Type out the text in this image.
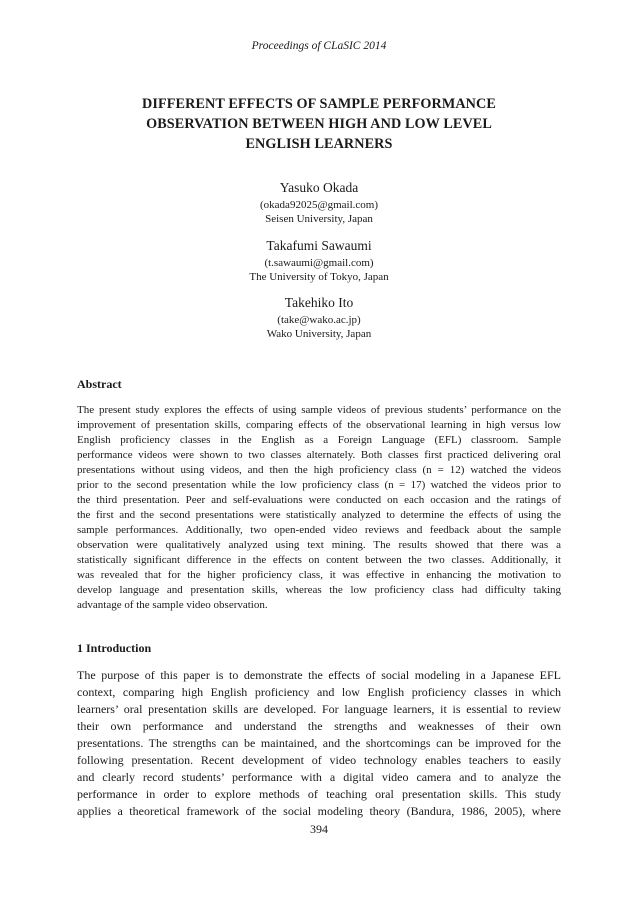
Proceedings of CLaSIC 2014
DIFFERENT EFFECTS OF SAMPLE PERFORMANCE
OBSERVATION BETWEEN HIGH AND LOW LEVEL
ENGLISH LEARNERS
Yasuko Okada
(okada92025@gmail.com)
Seisen University, Japan
Takafumi Sawaumi
(t.sawaumi@gmail.com)
The University of Tokyo, Japan
Takehiko Ito
(take@wako.ac.jp)
Wako University, Japan
Abstract
The present study explores the effects of using sample videos of previous students’ performance on the
improvement of presentation skills, comparing effects of the observational learning in high versus low
English proficiency classes in the English as a Foreign Language (EFL) classroom. Sample
performance videos were shown to two classes alternately. Both classes first practiced delivering oral
presentations without using videos, and then the high proficiency class (n = 12) watched the videos
prior to the second presentation while the low proficiency class (n = 17) watched the videos prior to
the third presentation. Peer and self-evaluations were conducted on each occasion and the ratings of
the first and the second presentations were statistically analyzed to determine the effects of using the
sample performances. Additionally, two open-ended video reviews and feedback about the sample
observation were qualitatively analyzed using text mining. The results showed that there was a
statistically significant difference in the effects on content between the two classes. Additionally, it
was revealed that for the higher proficiency class, it was effective in enhancing the motivation to
develop language and presentation skills, whereas the low proficiency class had difficulty taking
advantage of the sample video observation.
1 Introduction
The purpose of this paper is to demonstrate the effects of social modeling in a Japanese EFL
context, comparing high English proficiency and low English proficiency classes in which
learners’ oral presentation skills are developed. For language learners, it is essential to review
their own performance and understand the strengths and weaknesses of their own
presentations. The strengths can be maintained, and the shortcomings can be improved for the
following presentation. Recent development of video technology enables teachers to easily
and clearly record students’ performance with a digital video camera and to analyze the
performance in order to explore methods of teaching oral presentation skills. This study
applies a theoretical framework of the social modeling theory (Bandura, 1986, 2005), where
394
